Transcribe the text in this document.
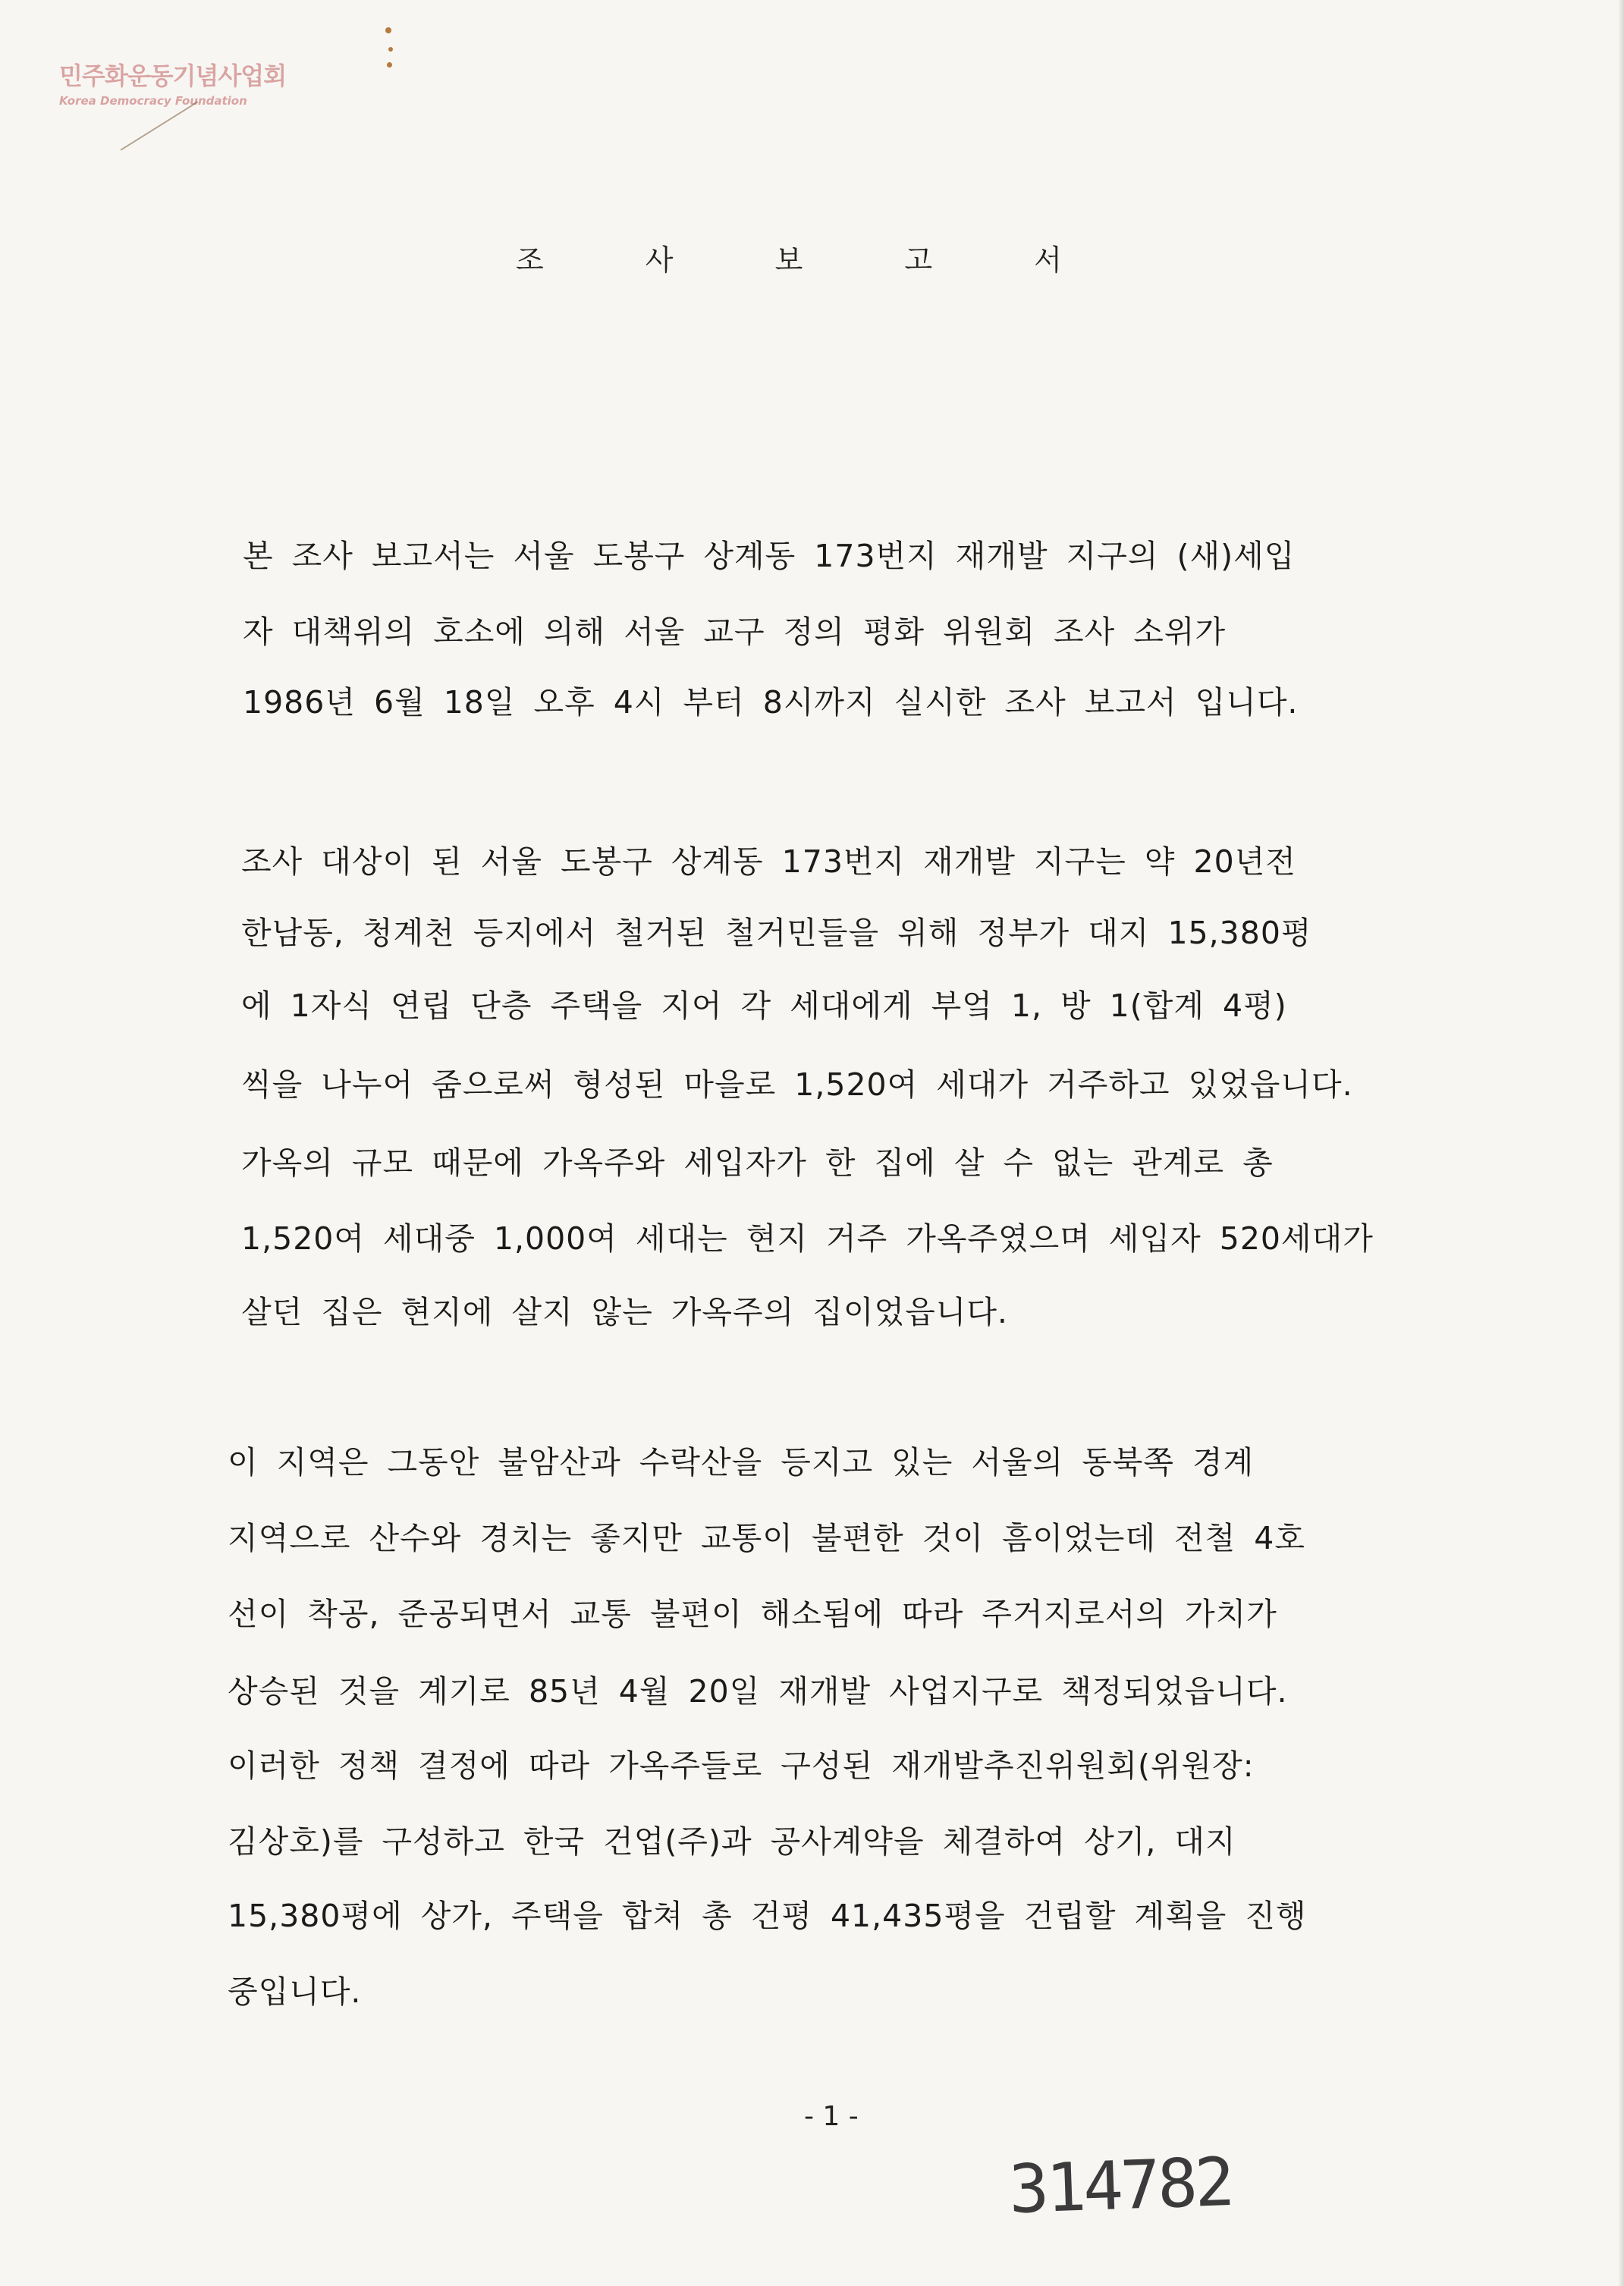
민주화운동기념사업회
Korea Democracy Foundation
조 사 보 고 서
본 조사 보고서는 서울 도봉구 상계동 173번지 재개발 지구의 (새)세입
자 대책위의 호소에 의해 서울 교구 정의 평화 위원회 조사 소위가
1986년 6월 18일 오후 4시 부터 8시까지 실시한 조사 보고서 입니다.
조사 대상이 된 서울 도봉구 상계동 173번지 재개발 지구는 약 20년전
한남동, 청계천 등지에서 철거된 철거민들을 위해 정부가 대지 15,380평
에 1자식 연립 단층 주택을 지어 각 세대에게 부엌 1, 방 1(합계 4평)
씩을 나누어 줌으로써 형성된 마을로 1,520여 세대가 거주하고 있었읍니다.
가옥의 규모 때문에 가옥주와 세입자가 한 집에 살 수 없는 관계로 총
1,520여 세대중 1,000여 세대는 현지 거주 가옥주였으며 세입자 520세대가
살던 집은 현지에 살지 않는 가옥주의 집이었읍니다.
이 지역은 그동안 불암산과 수락산을 등지고 있는 서울의 동북쪽 경계
지역으로 산수와 경치는 좋지만 교통이 불편한 것이 흠이었는데 전철 4호
선이 착공, 준공되면서 교통 불편이 해소됨에 따라 주거지로서의 가치가
상승된 것을 계기로 85년 4월 20일 재개발 사업지구로 책정되었읍니다.
이러한 정책 결정에 따라 가옥주들로 구성된 재개발추진위원회(위원장:
김상호)를 구성하고 한국 건업(주)과 공사계약을 체결하여 상기, 대지
15,380평에 상가, 주택을 합쳐 총 건평 41,435평을 건립할 계획을 진행
중입니다.
- 1 -
314782
